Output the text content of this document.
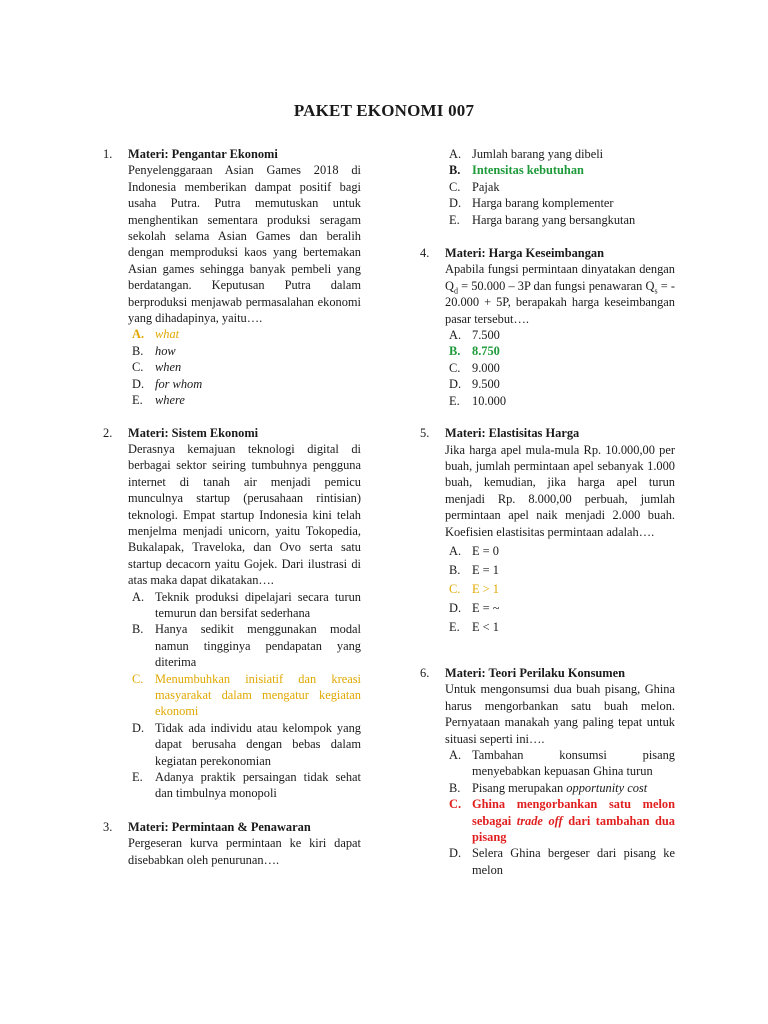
PAKET EKONOMI 007
1. Materi: Pengantar Ekonomi
Penyelenggaraan Asian Games 2018 di Indonesia memberikan dampat positif bagi usaha Putra. Putra memutuskan untuk menghentikan sementara produksi seragam sekolah selama Asian Games dan beralih dengan memproduksi kaos yang bertemakan Asian games sehingga banyak pembeli yang berdatangan. Keputusan Putra dalam berproduksi menjawab permasalahan ekonomi yang dihadapinya, yaitu….
A. what
B. how
C. when
D. for whom
E. where
2. Materi: Sistem Ekonomi
Derasnya kemajuan teknologi digital di berbagai sektor seiring tumbuhnya pengguna internet di tanah air menjadi pemicu munculnya startup (perusahaan rintisian) teknologi. Empat startup Indonesia kini telah menjelma menjadi unicorn, yaitu Tokopedia, Bukalapak, Traveloka, dan Ovo serta satu startup decacorn yaitu Gojek. Dari ilustrasi di atas maka dapat dikatakan….
A. Teknik produksi dipelajari secara turun temurun dan bersifat sederhana
B. Hanya sedikit menggunakan modal namun tingginya pendapatan yang diterima
C. Menumbuhkan inisiatif dan kreasi masyarakat dalam mengatur kegiatan ekonomi
D. Tidak ada individu atau kelompok yang dapat berusaha dengan bebas dalam kegiatan perekonomian
E. Adanya praktik persaingan tidak sehat dan timbulnya monopoli
3. Materi: Permintaan & Penawaran
Pergeseran kurva permintaan ke kiri dapat disebabkan oleh penurunan….
A. Jumlah barang yang dibeli
B. Intensitas kebutuhan
C. Pajak
D. Harga barang komplementer
E. Harga barang yang bersangkutan
4. Materi: Harga Keseimbangan
Apabila fungsi permintaan dinyatakan dengan $Q_d = 50.000 - 3P$ dan fungsi penawaran $Q_s$ = - 20.000 + 5P, berapakah harga keseimbangan pasar tersebut….
A. 7.500
B. 8.750
C. 9.000
D. 9.500
E. 10.000
5. Materi: Elastisitas Harga
Jika harga apel mula-mula Rp. 10.000,00 per buah, jumlah permintaan apel sebanyak 1.000 buah, kemudian, jika harga apel turun menjadi Rp. 8.000,00 perbuah, jumlah permintaan apel naik menjadi 2.000 buah. Koefisien elastisitas permintaan adalah….
A. E = 0
B. E = 1
C. E > 1
D. E = ~
E. E < 1
6. Materi: Teori Perilaku Konsumen
Untuk mengonsumsi dua buah pisang, Ghina harus mengorbankan satu buah melon. Pernyataan manakah yang paling tepat untuk situasi seperti ini….
A. Tambahan konsumsi pisang menyebabkan kepuasan Ghina turun
B. Pisang merupakan opportunity cost
C. Ghina mengorbankan satu melon sebagai trade off dari tambahan dua pisang
D. Selera Ghina bergeser dari pisang ke melon
